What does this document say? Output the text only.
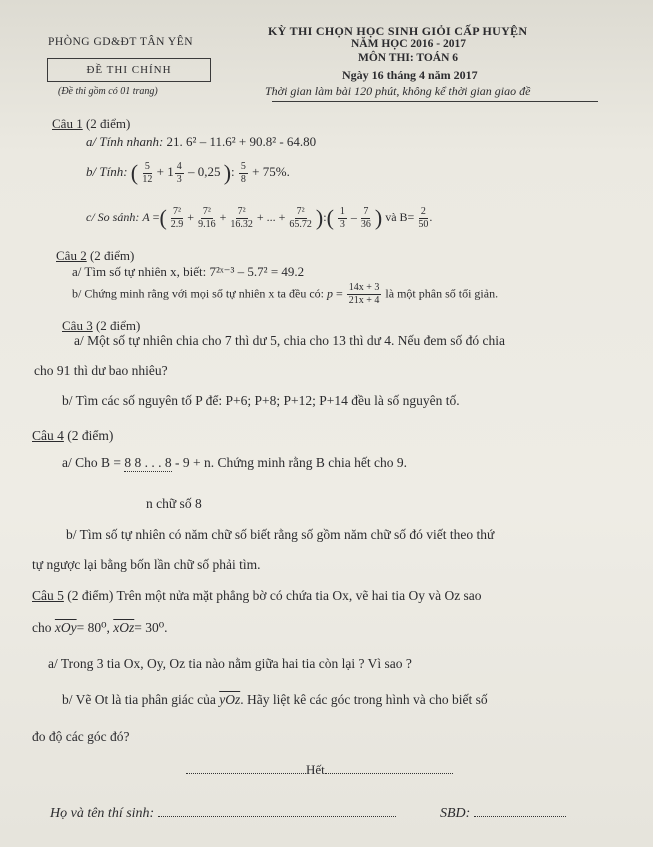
PHÒNG GD&ĐT TÂN YÊN
ĐỀ THI CHÍNH
(Đề thi gồm có 01 trang)
KỲ THI CHỌN HỌC SINH GIỎI CẤP HUYỆN
NĂM HỌC 2016 - 2017
MÔN THI: TOÁN 6
Ngày 16 tháng 4 năm 2017
Thời gian làm bài 120 phút, không kể thời gian giao đề
Câu 1 (2 điểm)
a/ Tính nhanh: 21. 6² – 11.6² + 90.8² - 64.80
b/ Tính: ( $\frac{5}{12} + 1 \frac{4}{3} - 0,25$ ): $\frac{5}{8} + 75\%$.
c/ So sánh: A =( $\frac{\text{7²}}{2.9} + \frac{\text{7²}}{9.16} + \frac{\text{7²}}{16.32}$ + ... + $\frac{\text{7²}}{65.72}$ ):( $\frac{1}{3} - \frac{7}{36}$ ) và $B= \frac{2}{50}$ .
Câu 2 (2 điểm)
a/ Tìm số tự nhiên x, biết: 7²ˣ⁻³ – 5.7² = 49.2
b/ Chứng minh rằng với mọi số tự nhiên x ta đều có: $p = \frac{14x + 3}{21x + 4}$ là một phân số tối giản.
Câu 3 (2 điểm)
a/ Một số tự nhiên chia cho 7 thì dư 5, chia cho 13 thì dư 4. Nếu đem số đó chia
cho 91 thì dư bao nhiêu?
b/ Tìm các số nguyên tố P để: P+6; P+8; P+12; P+14 đều là số nguyên tố.
Câu 4 (2 điểm)
a/ Cho B = 8 8 . . . 8 - 9 + n. Chứng minh rằng B chia hết cho 9.
n chữ số 8
b/ Tìm số tự nhiên có năm chữ số biết rằng số gồm năm chữ số đó viết theo thứ
tự ngược lại bằng bốn lần chữ số phải tìm.
Câu 5 (2 điểm) Trên một nửa mặt phẳng bờ có chứa tia Ox, vẽ hai tia Oy và Oz sao
cho $\overline{xOy}= 80^0$, $\overline{xOz}= 30^0$.
a/ Trong 3 tia Ox, Oy, Oz tia nào nằm giữa hai tia còn lại ? Vì sao ?
b/ Vẽ Ot là tia phân giác của $\overline{yOz}$. Hãy liệt kê các góc trong hình và cho biết số
đo độ các góc đó?
Hết
Họ và tên thí sinh:	SBD:
